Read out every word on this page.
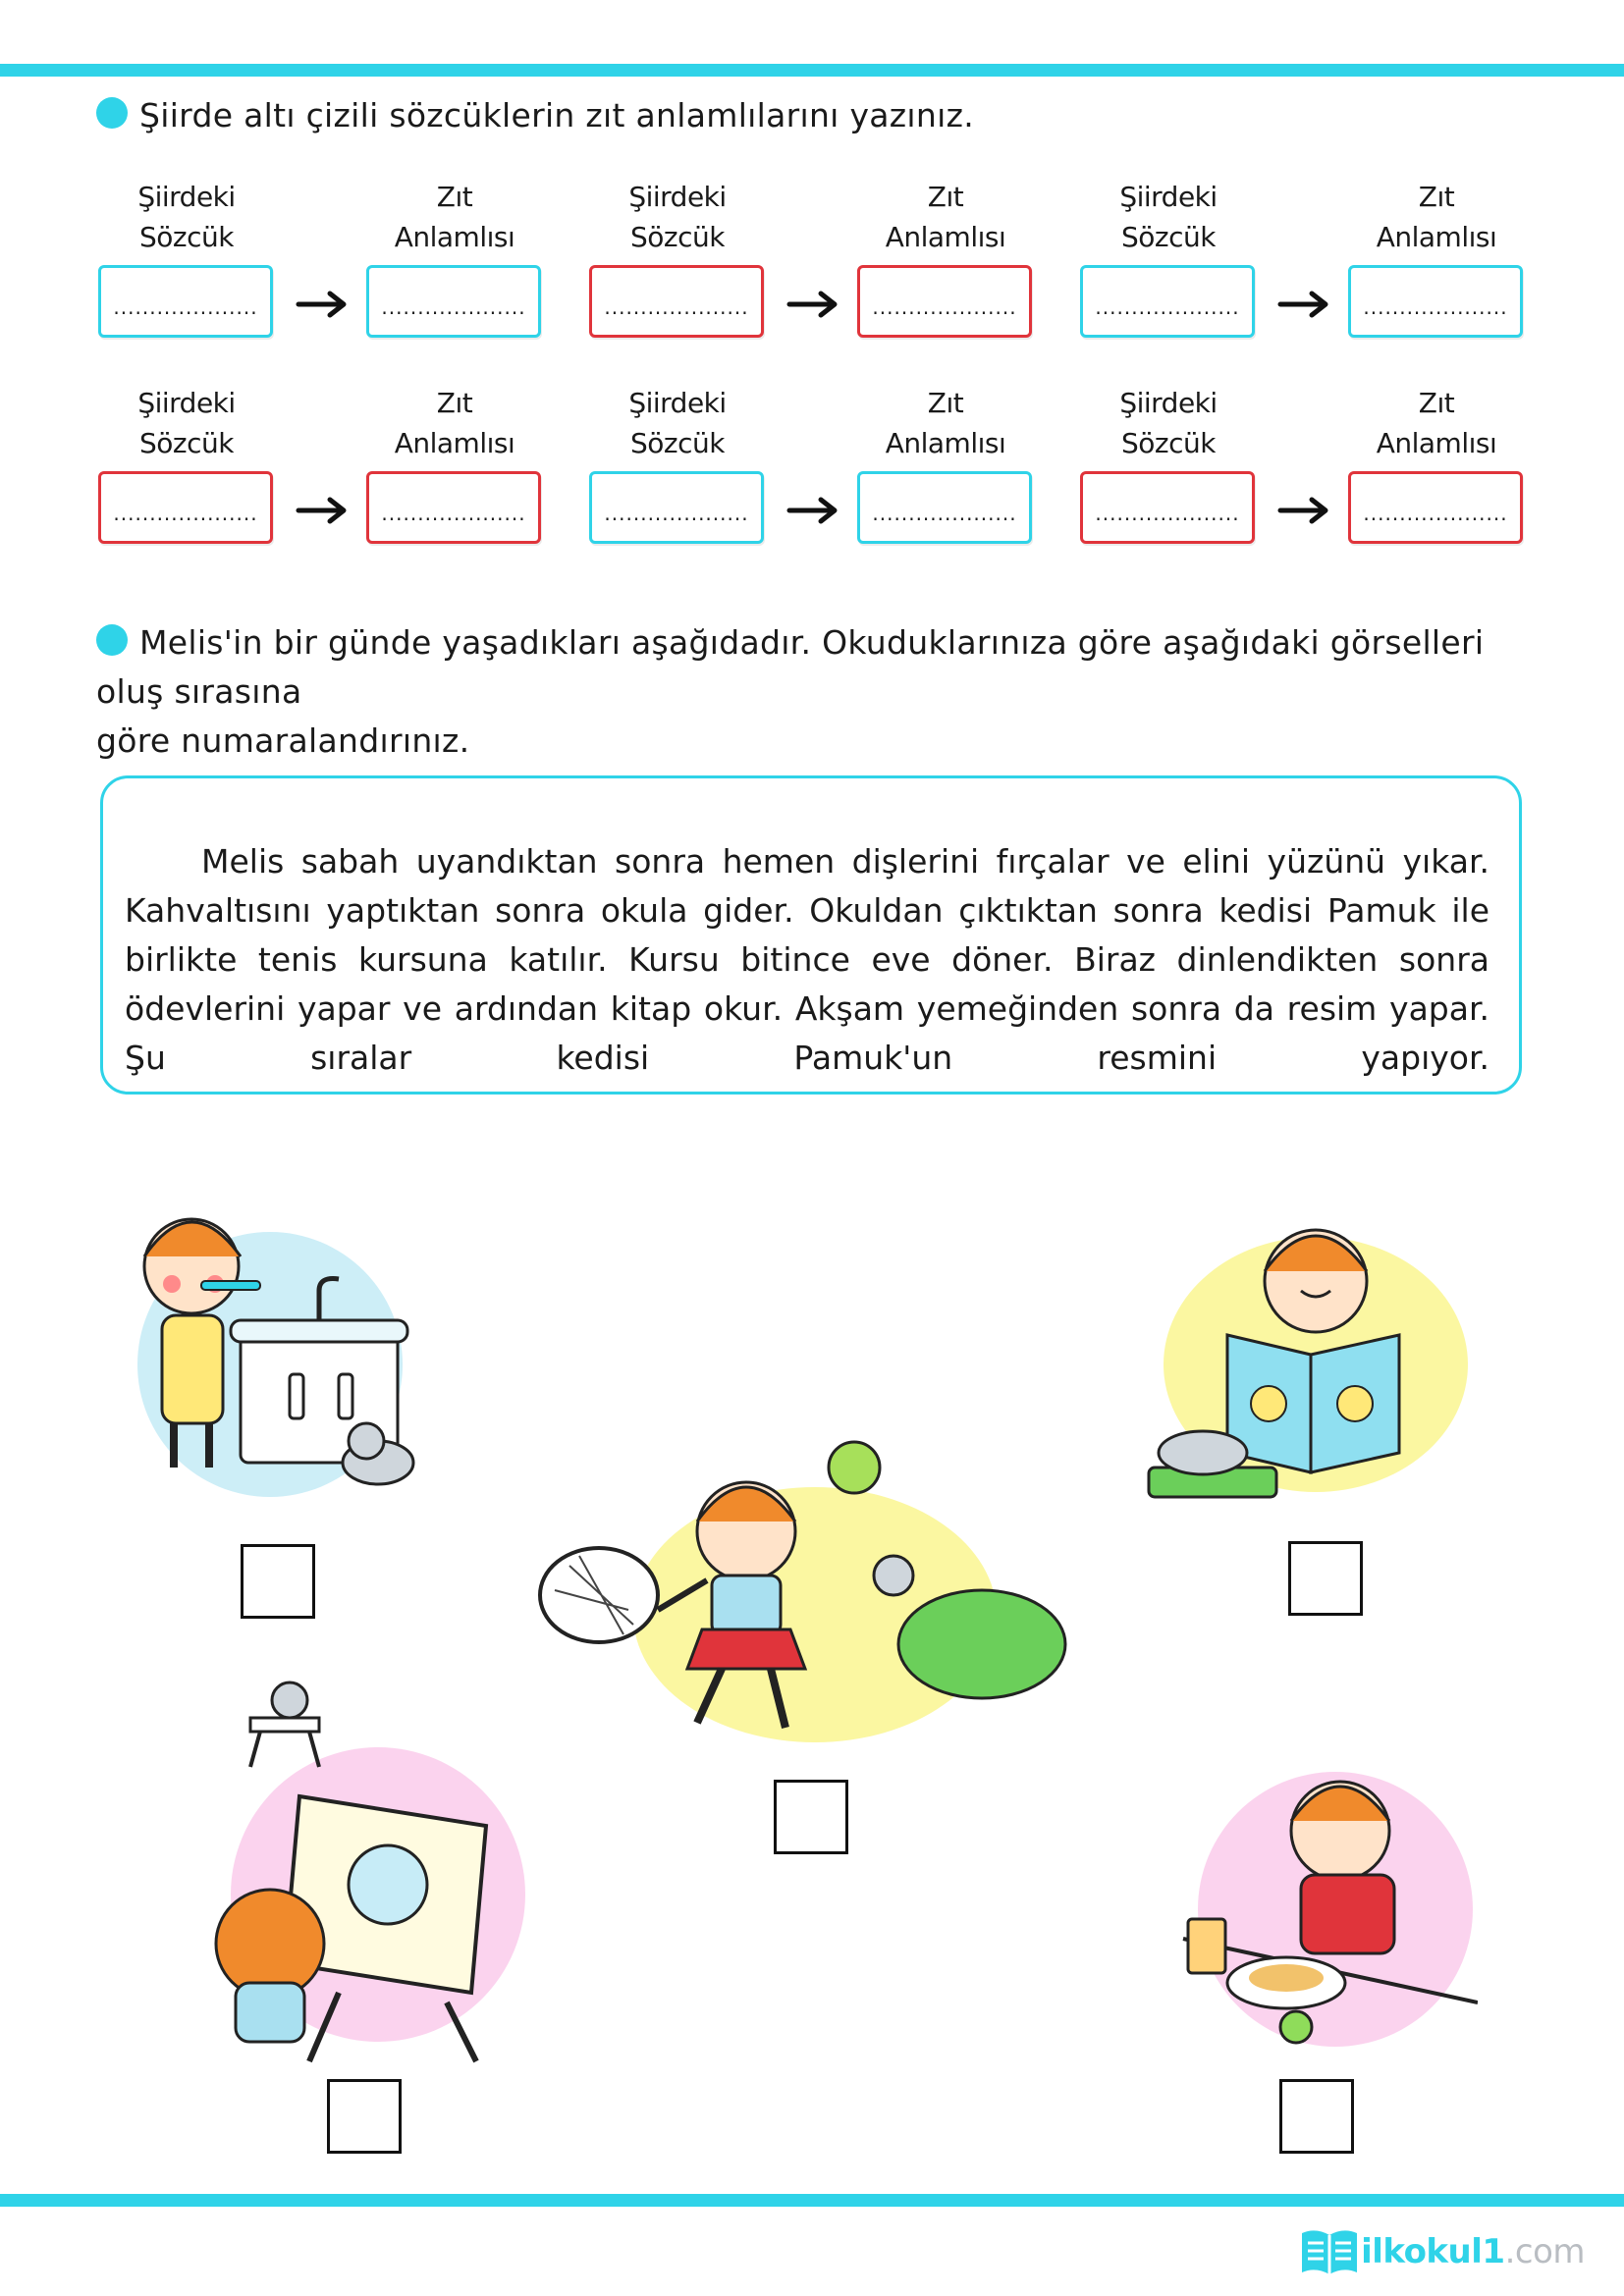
Şiirde altı çizili sözcüklerin zıt anlamlılarını yazınız.
Şiirdeki
Sözcük
....................
Zıt
Anlamlısı
....................
Şiirdeki
Sözcük
....................
Zıt
Anlamlısı
....................
Şiirdeki
Sözcük
....................
Zıt
Anlamlısı
....................
Şiirdeki
Sözcük
....................
Zıt
Anlamlısı
....................
Şiirdeki
Sözcük
....................
Zıt
Anlamlısı
....................
Şiirdeki
Sözcük
....................
Zıt
Anlamlısı
....................
Melis'in bir günde yaşadıkları aşağıdadır. Okuduklarınıza göre aşağıdaki görselleri oluş sırasına
göre numaralandırınız.

Melis sabah uyandıktan sonra hemen dişlerini fırçalar ve elini yüzünü yıkar. Kahvaltısını yaptıktan sonra okula gider. Okuldan çıktıktan sonra kedisi Pamuk ile birlikte tenis kursuna katılır. Kursu bitince eve döner. Biraz dinlendikten sonra ödevlerini yapar ve ardından kitap okur. Akşam yemeğinden sonra da resim yapar. Şu sıralar kedisi Pamuk'un resmini yapıyor.

ilkokul1.com
